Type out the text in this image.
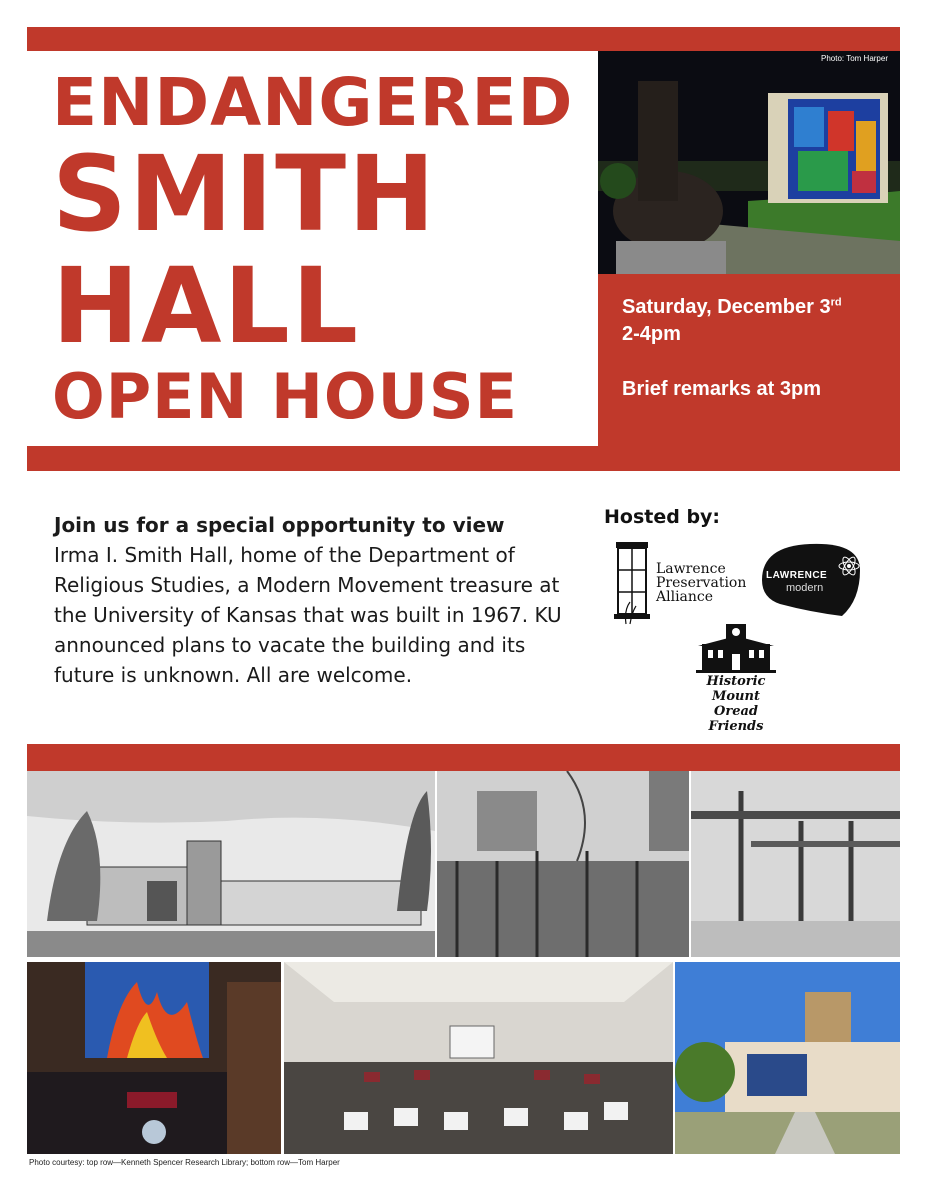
ENDANGERED
SMITH
HALL
OPEN HOUSE
Photo: Tom Harper
Saturday, December 3rd
2-4pm
Brief remarks at 3pm
Join us for a special opportunity to view
Irma I. Smith Hall, home of the Department of Religious Studies, a Modern Movement treasure at the University of Kansas that was built in 1967. KU announced plans to vacate the building and its future is unknown. All are welcome.
Hosted by:
Lawrence
Preservation
Alliance
LAWRENCE
modern
Historic
Mount Oread
Friends
Photo courtesy: top row—Kenneth Spencer Research Library; bottom row—Tom Harper
